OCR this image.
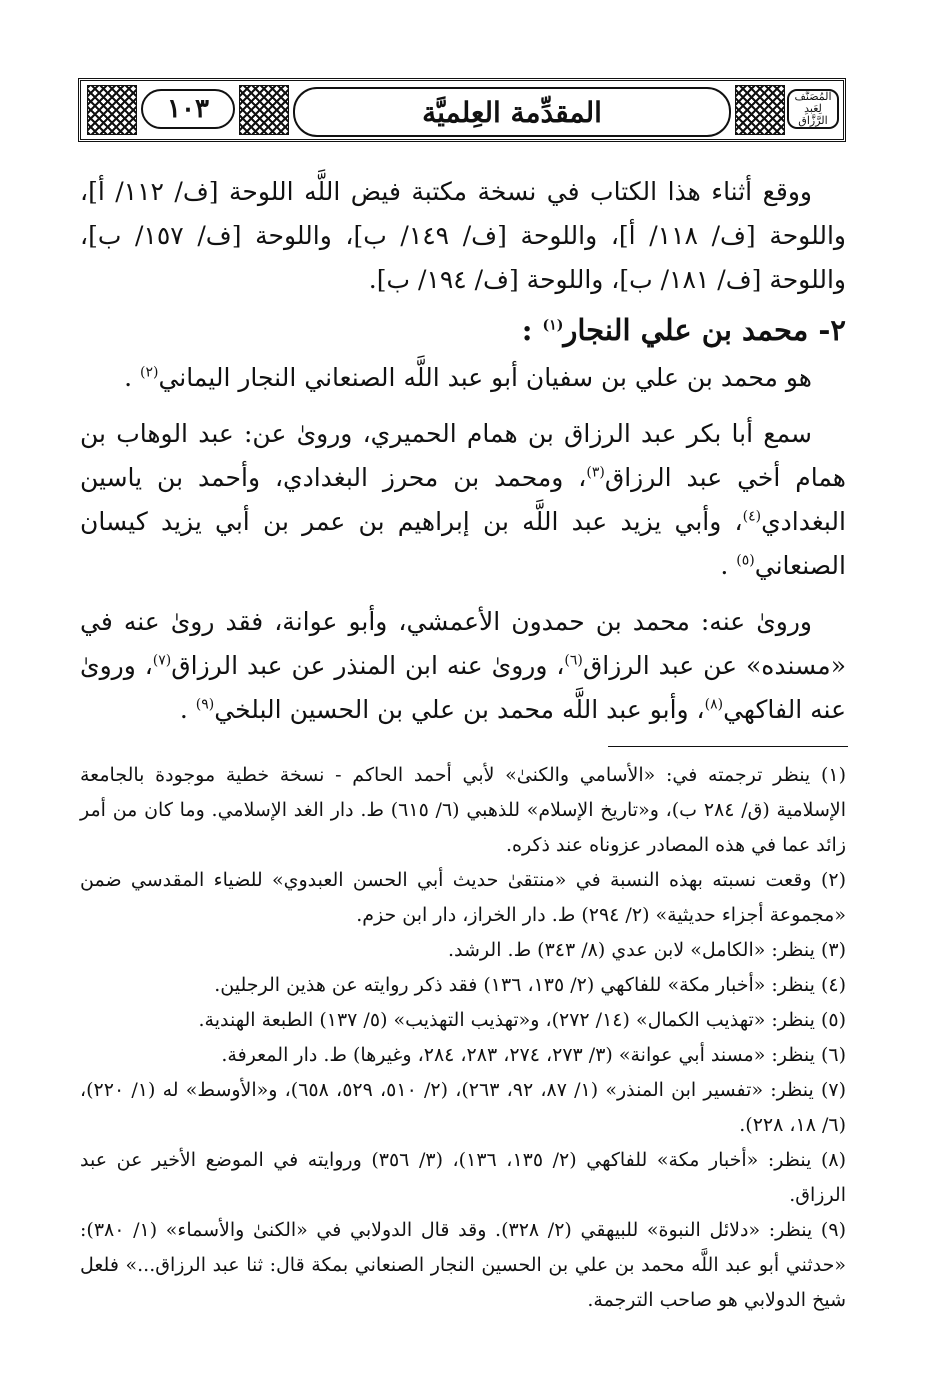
١٠٣	المقدِّمة العِلميَّة	المُصَنَّف لِعَبدِ الرَّزَّاقِ

ووقع أثناء هذا الكتاب في نسخة مكتبة فيض اللَّه اللوحة [ف/ ١١٢/ أ]، واللوحة [ف/ ١١٨/ أ]، واللوحة [ف/ ١٤٩/ ب]، واللوحة [ف/ ١٥٧/ ب]، واللوحة [ف/ ١٨١/ ب]، واللوحة [ف/ ١٩٤/ ب].

٢- محمد بن علي النجار$^{(١)}$ :

هو محمد بن علي بن سفيان أبو عبد اللَّه الصنعاني النجار اليماني$^{(٢)}$ .

سمع أبا بكر عبد الرزاق بن همام الحميري، وروىٰ عن: عبد الوهاب بن همام أخي عبد الرزاق$^{(٣)}$، ومحمد بن محرز البغدادي، وأحمد بن ياسين البغدادي$^{(٤)}$، وأبي يزيد عبد اللَّه بن إبراهيم بن عمر بن أبي يزيد كيسان الصنعاني$^{(٥)}$ .

وروىٰ عنه: محمد بن حمدون الأعمشي، وأبو عوانة، فقد روىٰ عنه في «مسنده» عن عبد الرزاق$^{(٦)}$، وروىٰ عنه ابن المنذر عن عبد الرزاق$^{(٧)}$، وروىٰ عنه الفاكهي$^{(٨)}$، وأبو عبد اللَّه محمد بن علي بن الحسين البلخي$^{(٩)}$ .

(١) ينظر ترجمته في: «الأسامي والكنىٰ» لأبي أحمد الحاكم - نسخة خطية موجودة بالجامعة الإسلامية (ق/ ٢٨٤ ب)، و«تاريخ الإسلام» للذهبي (٦/ ٦١٥) ط. دار الغد الإسلامي. وما كان من أمر زائد عما في هذه المصادر عزوناه عند ذكره.

(٢) وقعت نسبته بهذه النسبة في «منتقىٰ حديث أبي الحسن العبدوي» للضياء المقدسي ضمن «مجموعة أجزاء حديثية» (٢/ ٢٩٤) ط. دار الخراز، دار ابن حزم.

(٣) ينظر: «الكامل» لابن عدي (٨/ ٣٤٣) ط. الرشد.

(٤) ينظر: «أخبار مكة» للفاكهي (٢/ ١٣٥، ١٣٦) فقد ذكر روايته عن هذين الرجلين.

(٥) ينظر: «تهذيب الكمال» (١٤/ ٢٧٢)، و«تهذيب التهذيب» (٥/ ١٣٧) الطبعة الهندية.

(٦) ينظر: «مسند أبي عوانة» (٣/ ٢٧٣، ٢٧٤، ٢٨٣، ٢٨٤، وغيرها) ط. دار المعرفة.

(٧) ينظر: «تفسير ابن المنذر» (١/ ٨٧، ٩٢، ٢٦٣)، (٢/ ٥١٠، ٥٢٩، ٦٥٨)، و«الأوسط» له (١/ ٢٢٠)، (٦/ ١٨، ٢٢٨).

(٨) ينظر: «أخبار مكة» للفاكهي (٢/ ١٣٥، ١٣٦)، (٣/ ٣٥٦) وروايته في الموضع الأخير عن عبد الرزاق.

(٩) ينظر: «دلائل النبوة» للبيهقي (٢/ ٣٢٨). وقد قال الدولابي في «الكنىٰ والأسماء» (١/ ٣٨٠): «حدثني أبو عبد اللَّه محمد بن علي بن الحسين النجار الصنعاني بمكة قال: ثنا عبد الرزاق...» فلعل شيخ الدولابي هو صاحب الترجمة.
